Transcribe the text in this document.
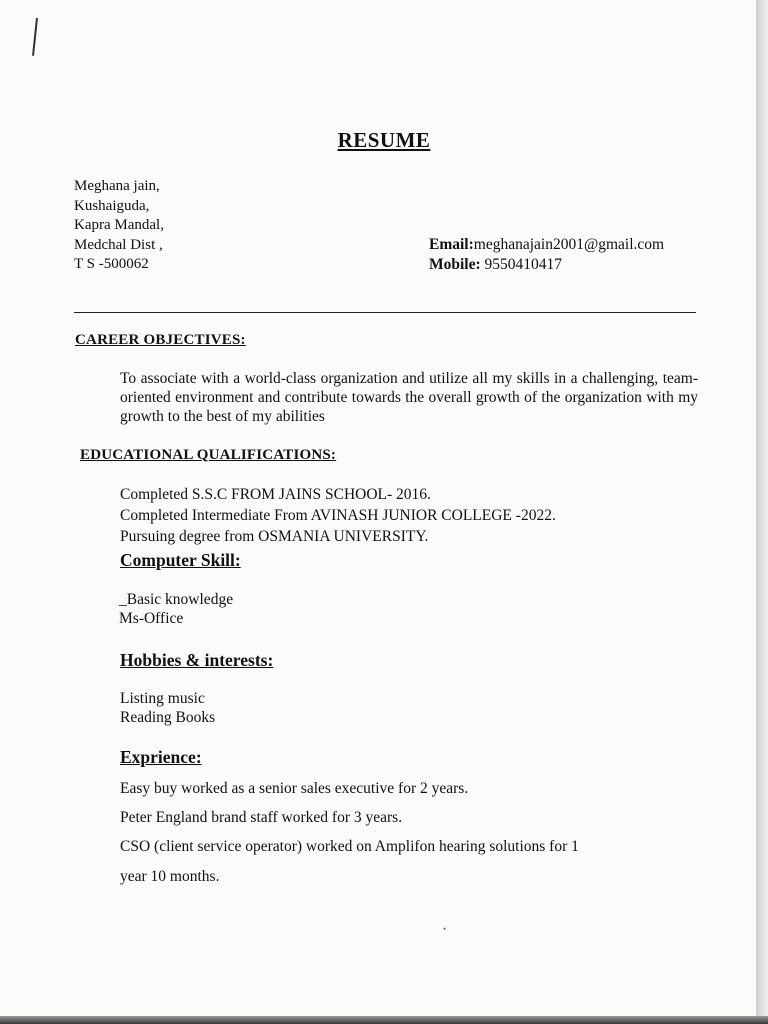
RESUME
Meghana jain,
Kushaiguda,
Kapra Mandal,
Medchal Dist ,
T S -500062
Email:meghanajain2001@gmail.com
Mobile: 9550410417
CAREER OBJECTIVES:
To associate with a world-class organization and utilize all my skills in a challenging, team-oriented environment and contribute towards the overall growth of the organization with my growth to the best of my abilities
EDUCATIONAL QUALIFICATIONS:
Completed S.S.C FROM JAINS SCHOOL- 2016.
Completed Intermediate From AVINASH JUNIOR COLLEGE -2022.
Pursuing degree from OSMANIA UNIVERSITY.
Computer Skill:
_Basic knowledge
Ms-Office
Hobbies & interests:
Listing music
Reading Books
Exprience:
Easy buy worked as a senior sales executive for 2 years.
Peter England brand staff worked for 3 years.
CSO (client service operator) worked on Amplifon hearing solutions for 1
year 10 months.
•
